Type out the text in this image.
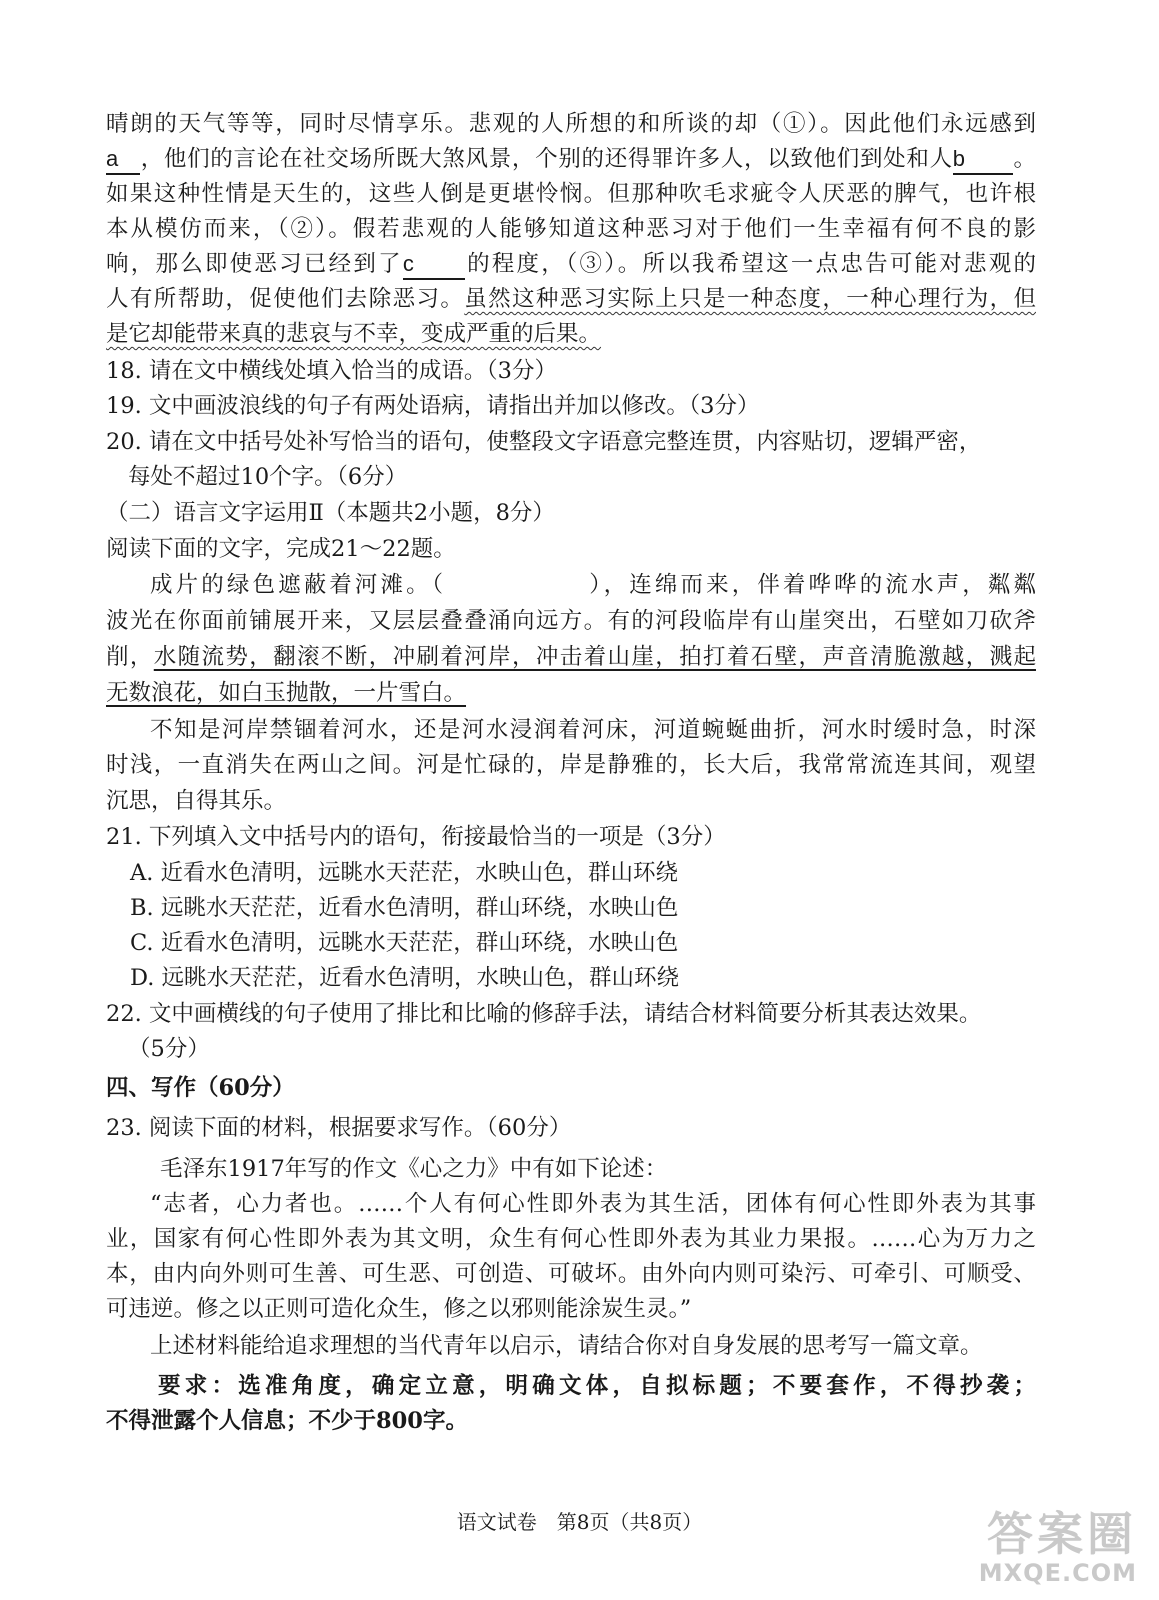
晴朗的天气等等，同时尽情享乐。悲观的人所想的和所谈的却（①）。因此他们永远感到
a ，他们的言论在社交场所既大煞风景，个别的还得罪许多人，以致他们到处和人b 。
如果这种性情是天生的，这些人倒是更堪怜悯。但那种吹毛求疵令人厌恶的脾气，也许根
本从模仿而来，（②）。假若悲观的人能够知道这种恶习对于他们一生幸福有何不良的影
响，那么即使恶习已经到了c 的程度，（③）。所以我希望这一点忠告可能对悲观的
人有所帮助，促使他们去除恶习。虽然这种恶习实际上只是一种态度，一种心理行为，但
是它却能带来真的悲哀与不幸，变成严重的后果。
18. 请在文中横线处填入恰当的成语。（3分）
19. 文中画波浪线的句子有两处语病，请指出并加以修改。（3分）
20. 请在文中括号处补写恰当的语句，使整段文字语意完整连贯，内容贴切，逻辑严密，
每处不超过10个字。（6分）
（二）语言文字运用Ⅱ（本题共2小题，8分）
阅读下面的文字，完成21～22题。
成片的绿色遮蔽着河滩。（	），连绵而来，伴着哗哗的流水声，粼粼
波光在你面前铺展开来，又层层叠叠涌向远方。有的河段临岸有山崖突出，石壁如刀砍斧
削，水随流势，翻滚不断，冲刷着河岸，冲击着山崖，拍打着石壁，声音清脆激越，溅起
无数浪花，如白玉抛散，一片雪白。
不知是河岸禁锢着河水，还是河水浸润着河床，河道蜿蜒曲折，河水时缓时急，时深
时浅，一直消失在两山之间。河是忙碌的，岸是静雅的，长大后，我常常流连其间，观望
沉思，自得其乐。
21. 下列填入文中括号内的语句，衔接最恰当的一项是（3分）
A. 近看水色清明，远眺水天茫茫，水映山色，群山环绕
B. 远眺水天茫茫，近看水色清明，群山环绕，水映山色
C. 近看水色清明，远眺水天茫茫，群山环绕，水映山色
D. 远眺水天茫茫，近看水色清明，水映山色，群山环绕
22. 文中画横线的句子使用了排比和比喻的修辞手法，请结合材料简要分析其表达效果。
（5分）
四、写作（60分）
23. 阅读下面的材料，根据要求写作。（60分）
毛泽东1917年写的作文《心之力》中有如下论述：
“志者，心力者也。……个人有何心性即外表为其生活，团体有何心性即外表为其事
业，国家有何心性即外表为其文明，众生有何心性即外表为其业力果报。……心为万力之
本，由内向外则可生善、可生恶、可创造、可破坏。由外向内则可染污、可牵引、可顺受、
可违逆。修之以正则可造化众生，修之以邪则能涂炭生灵。”
上述材料能给追求理想的当代青年以启示，请结合你对自身发展的思考写一篇文章。
要求：选准角度，确定立意，明确文体，自拟标题；不要套作，不得抄袭；
不得泄露个人信息；不少于800字。
语文试卷　第8页（共8页）	答案圈
MXQE.COM
